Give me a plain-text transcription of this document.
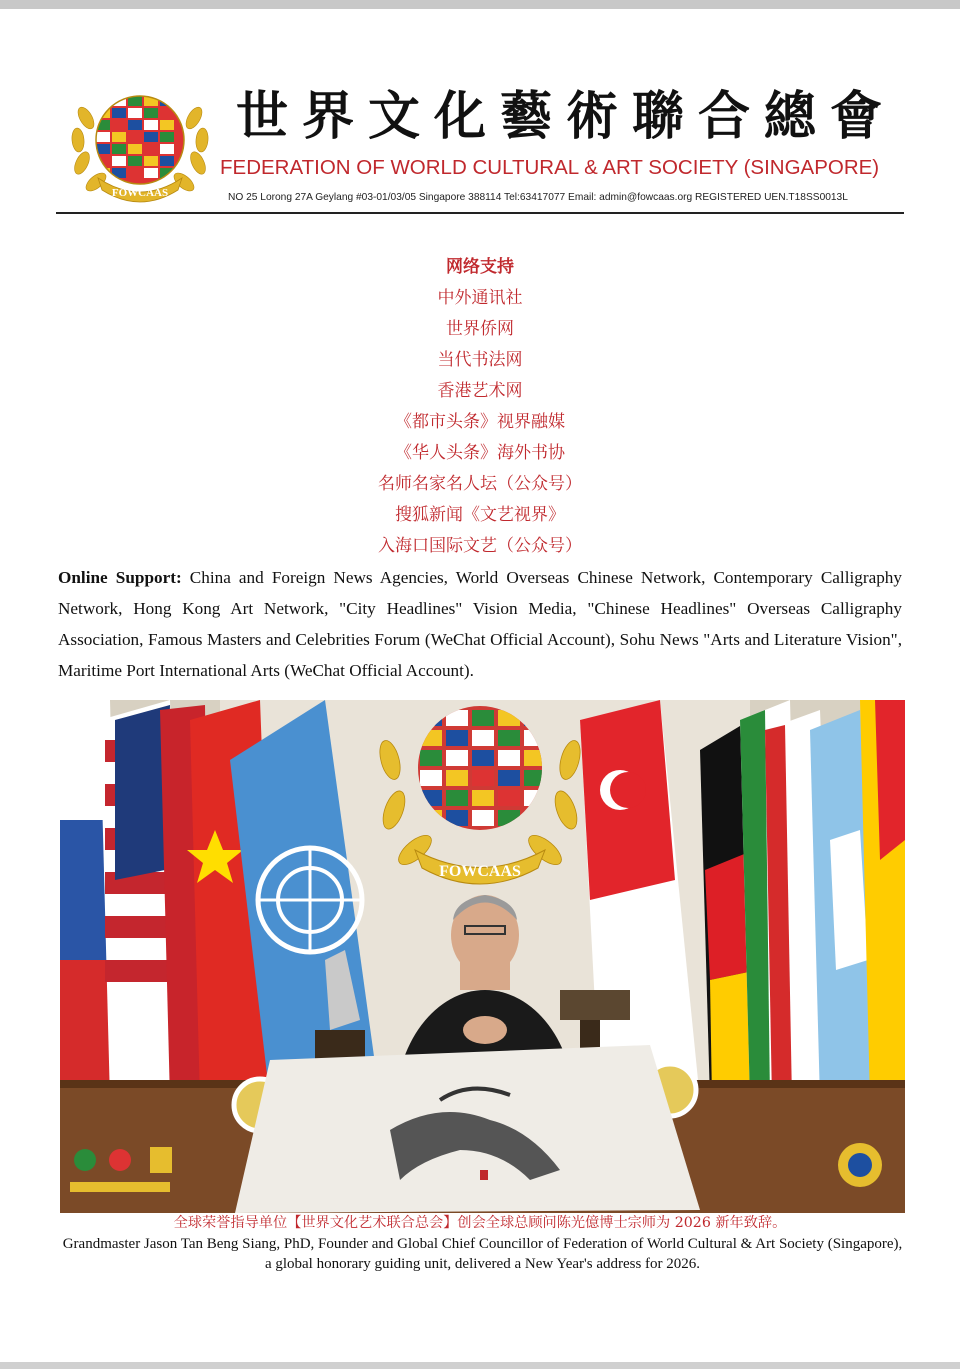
FOWCAAS
世界文化藝術聯合總會
FEDERATION OF WORLD CULTURAL & ART SOCIETY (SINGAPORE)
NO 25 Lorong 27A Geylang #03-01/03/05 Singapore 388114 Tel:63417077 Email: admin@fowcaas.org REGISTERED UEN.T18SS0013L
网络支持
中外通讯社
世界侨网
当代书法网
香港艺术网
《都市头条》视界融媒
《华人头条》海外书协
名师名家名人坛（公众号）
搜狐新闻《文艺视界》
入海口国际文艺（公众号）
Online Support: China and Foreign News Agencies, World Overseas Chinese Network, Contemporary Calligraphy Network, Hong Kong Art Network, "City Headlines" Vision Media, "Chinese Headlines" Overseas Calligraphy Association, Famous Masters and Celebrities Forum (WeChat Official Account), Sohu News "Arts and Literature Vision", Maritime Port International Arts (WeChat Official Account).
FOWCAAS
全球荣誉指导单位【世界文化艺术联合总会】创会全球总顾问陈光億博士宗师为 2026 新年致辞。
Grandmaster Jason Tan Beng Siang, PhD, Founder and Global Chief Councillor of Federation of World Cultural & Art Society (Singapore), a global honorary guiding unit, delivered a New Year's address for 2026.
